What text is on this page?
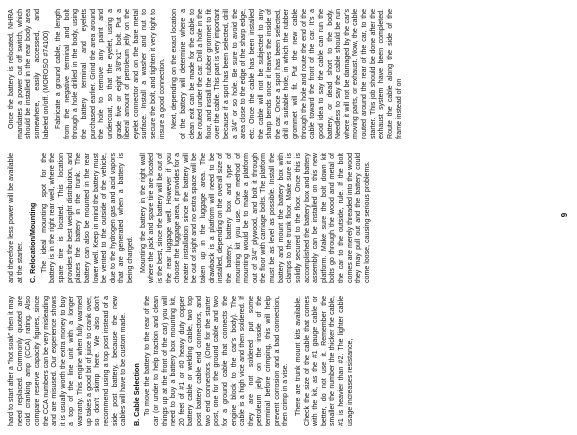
hard to start after a "hot soak" then it may need replaced. Commonly quoted are cold cranking amp (CCA) rating. Also compare reserve capacity figures, since the CCA numbers can be very misleading and are misused. Our experience shows it is usually worth the extra money to buy a top of the line unit with a longer warranty. This engine when fully warmed up takes a good bit of juice to crank over, so don't skimp here. We also don't recommend using a top post instead of a side post battery, because the new cables will have to be custom made. B. Cable Selection To move the battery to the rear of the car (or under to help traction and clean things up at the front of the car) you will need to buy a battery box mounting kit, 20 feet of #1 or #0 heavy duty copper battery cable or welding cable, two top post battery cable end connectors, and two end connectors. (One for the starter post, one for the ground cable and two for a ground cable that connects the engine block to the car's body). The cable is a high vice and then soldered. If they are not soldered put some petroleum jelly on the inside of the terminal before crimping, this will help prevent corrosion and a bad connection, then crimp in a vise. There are trunk mount kits available. Check the size of the cable that comes with the kit, as the #1 gauge cable or better, do not use it. Remember the smaller the number the thicker the cable, #1 is heavier than #2. The lighter cable usage increases resistance,

and therefore less power will be available at the starter. C. Relocation/Mounting The ideal mounting spot for the battery is in the right rear well, where the spare tire is located. This location provides the best weight distribution, and places the battery in the trunk. The battery can also be mounted in the rear lower well. Keep in mind the battery must be vented to the outside of the vehicle, due to the hydrogen gas and acid vapors that are generated when a battery is being charged. Mounting the battery in the right wall where the jack and spare tire are located is the best, since the battery will be out of the rear luggage well. However if you choose the luggage area, it provides for a neater installation since the battery will be out of sight and no extra space will be taken up in the luggage area. The drawback is a platform will need to be installed, depending on the overall size of the battery, battery box and type of mounting kit you use. One method of mounting would be to make a platform out of 3/4" plywood, and bolt it through the floor with carriage bolts. The platform must be as level as possible. Install the battery and mount the battery box with clamps to the trunk floor. Make sure it is solidly secured to the floor. Once this is accomplished the battery box and battery assembly can be installed on this new platform. Make sure the bolt down kit bolts go through the wood and metal of the car to the outside, rule. If the bolt comes are merely threaded into the wood they may pull out and the battery could come loose, causing serious problems.

Once the battery is relocated, NHRA mandates a power cut off switch, which should be installed in the rear body area somewhere, easily accessed, and labeled on/off. (MOROSO #74100) Fabricate a ground cable, the length from the negative terminal and bolt through a hole drilled in the body, using the battery terminal and eyelets purchased earlier. Grind the area around the hole to remove any paint and undercoat, so that the eyelet, using a grade five or eight 3/8"x1" bolt. Put a liberal amount of petroleum jelly on the eyelet connector and on the bare metal surface. Install a washer and nut to secure the bolt, and tighten it very tight to insure a good connection. Next, depending on the exact location of the battery will determine where a clean exit can be made for the cable to be routed under the car. Drill a hole in the floor, and install the rubber grommet to fit over the cable. This part is very important because if a spot has been selected, drill a 3/4" or so hole. Be sure to avoid the area close to the edge of the sharp edge, etc. Once the cable has been installed the cable will not be subjected to any sharp bends once it leaves the inside of the car. Once a spot has been selected, drill a suitable hole, in which the rubber grommet will fit. Put the new cable through the hole and route the end of the cable toward the front of the car. It's a good idea to say the cable can run the battery, or dead short to the body. Needless to say the cable should be run where it will not be damaged by the car's moving parts, or exhaust. Now, the cable routed around the rear of the car, to the starter. This job should be done after the exhaust system have been completed. Route the cable along the side of the frame instead of on

9
